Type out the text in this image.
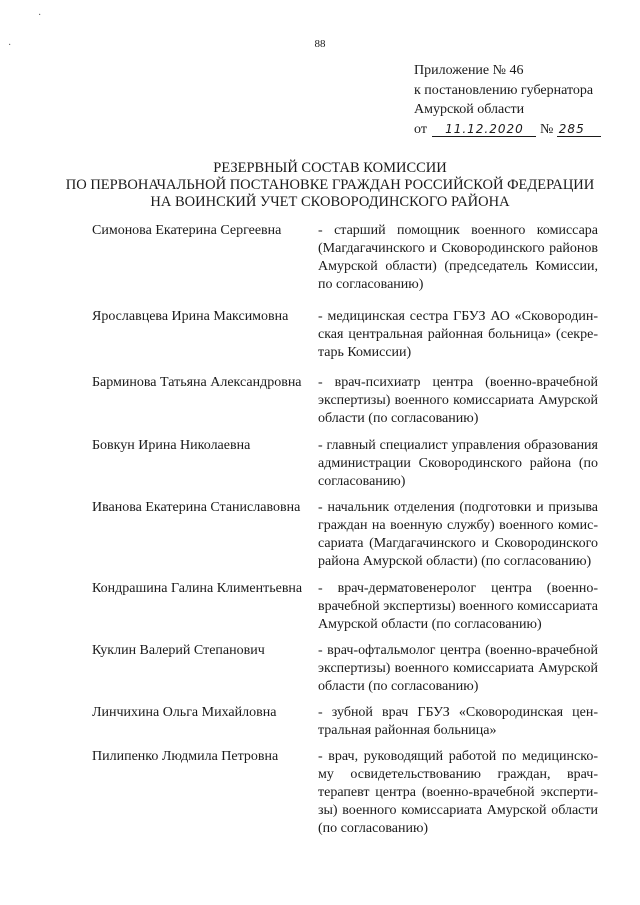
88
·
·
Приложение № 46
к постановлению губернатора
Амурской области
от 11.12.2020 № 285
РЕЗЕРВНЫЙ СОСТАВ КОМИССИИ
ПО ПЕРВОНАЧАЛЬНОЙ ПОСТАНОВКЕ ГРАЖДАН РОССИЙСКОЙ ФЕДЕРАЦИИ
НА ВОИНСКИЙ УЧЕТ СКОВОРОДИНСКОГО РАЙОНА
Симонова Екатерина Сергеевна	- старший помощник военного комиссара (Магдагачинского и Сковородинского районов Амурской области) (председатель Комиссии, по согласованию)
Ярославцева Ирина Максимовна	- медицинская сестра ГБУЗ АО «Сковородинская центральная районная больница» (секретарь Комиссии)
Барминова Татьяна Александровна	- врач-психиатр центра (военно-врачебной экспертизы) военного комиссариата Амурской области (по согласованию)
Бовкун Ирина Николаевна	- главный специалист управления образования администрации Сковородинского района (по согласованию)
Иванова Екатерина Станиславовна	- начальник отделения (подготовки и призыва граждан на военную службу) военного комиссариата (Магдагачинского и Сковородинского района Амурской области) (по согласованию)
Кондрашина Галина Климентьевна	- врач-дерматовенеролог центра (военно-врачебной экспертизы) военного комиссариата Амурской области (по согласованию)
Куклин Валерий Степанович	- врач-офтальмолог центра (военно-врачебной экспертизы) военного комиссариата Амурской области (по согласованию)
Линчихина Ольга Михайловна	- зубной врач ГБУЗ «Сковородинская центральная районная больница»
Пилипенко Людмила Петровна	- врач, руководящий работой по медицинскому освидетельствованию граждан, врач-терапевт центра (военно-врачебной экспертизы) военного комиссариата Амурской области (по согласованию)
